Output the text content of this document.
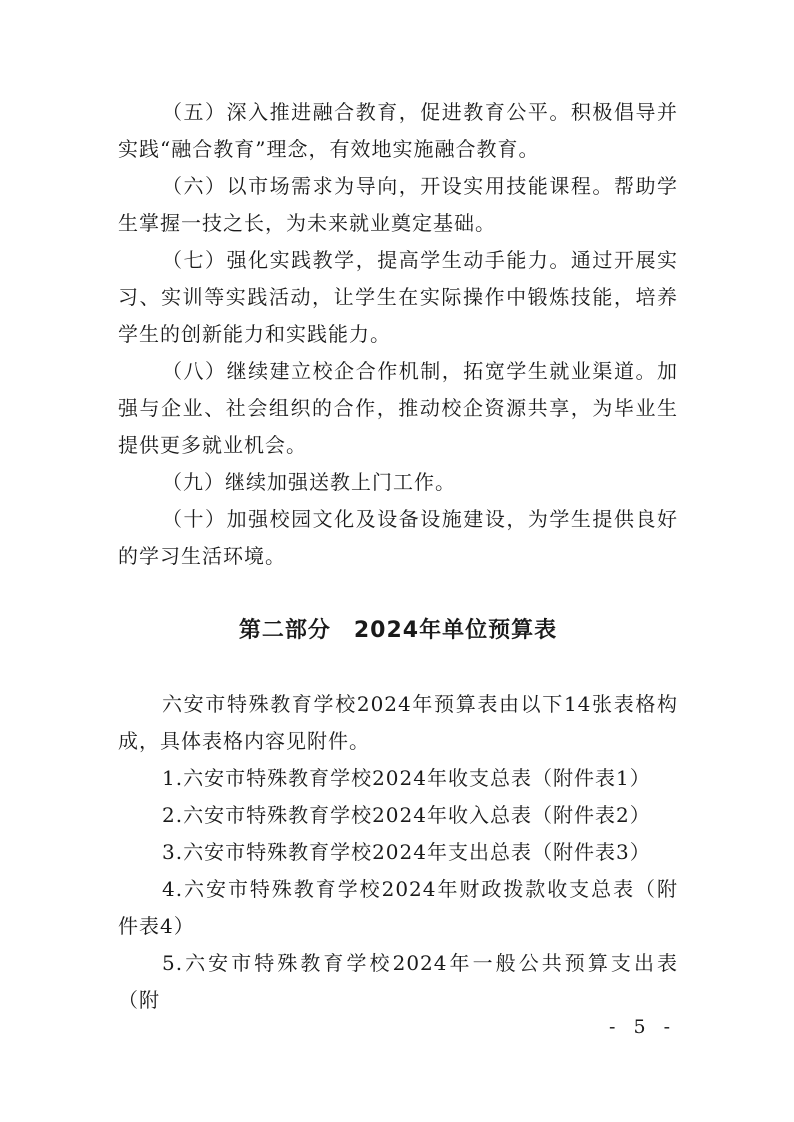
（五）深入推进融合教育，促进教育公平。积极倡导并实践“融合教育”理念，有效地实施融合教育。

（六）以市场需求为导向，开设实用技能课程。帮助学生掌握一技之长，为未来就业奠定基础。

（七）强化实践教学，提高学生动手能力。通过开展实习、实训等实践活动，让学生在实际操作中锻炼技能，培养学生的创新能力和实践能力。

（八）继续建立校企合作机制，拓宽学生就业渠道。加强与企业、社会组织的合作，推动校企资源共享，为毕业生提供更多就业机会。

（九）继续加强送教上门工作。

（十）加强校园文化及设备设施建设，为学生提供良好的学习生活环境。

第二部分　2024年单位预算表

六安市特殊教育学校2024年预算表由以下14张表格构成，具体表格内容见附件。

1.六安市特殊教育学校2024年收支总表（附件表1）

2.六安市特殊教育学校2024年收入总表（附件表2）

3.六安市特殊教育学校2024年支出总表（附件表3）

4.六安市特殊教育学校2024年财政拨款收支总表（附件表4）

5.六安市特殊教育学校2024年一般公共预算支出表（附

- 5 -
